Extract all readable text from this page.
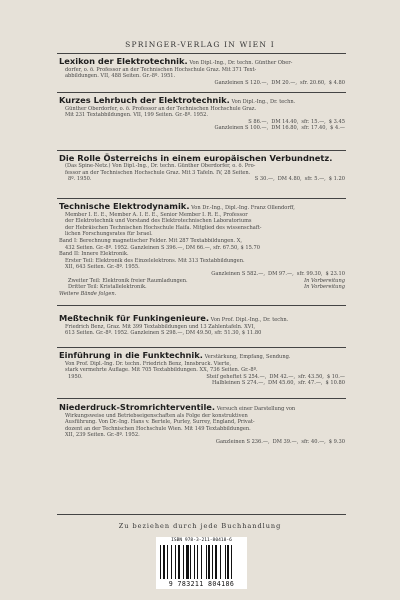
SPRINGER-VERLAG IN WIEN I
Lexikon der Elektrotechnik. Von Dipl.-Ing., Dr. techn. Günther Ober-
dorfer, o. ö. Professor an der Technischen Hochschule Graz. Mit 371 Text-
abbildungen. VII, 488 Seiten. Gr.-8º. 1951.
Ganzleinen S 120.—, DM 20.—, sfr. 20.60, $ 4.80
Kurzes Lehrbuch der Elektrotechnik. Von Dipl.-Ing., Dr. techn.
Günther Oberdorfer, o. ö. Professor an der Technischen Hochschule Graz.
Mit 231 Textabbildungen. VII, 199 Seiten. Gr.-8º. 1952.
S 86.—, DM 14.40, sfr. 15.—, $ 3.45
Ganzleinen S 100.—, DM 16.80, sfr. 17.40, $ 4.—
Die Rolle Österreichs in einem europäischen Verbundnetz.
(Das Spine-Netz.) Von Dipl.-Ing., Dr. techn. Günther Oberdorfer, o. ö. Pro-
fessor an der Technischen Hochschule Graz. Mit 3 Tafeln. IV, 28 Seiten.
8º. 1950.	S 30.—, DM 4.80, sfr. 5.—, $ 1.20
Technische Elektrodynamik. Von Dr.-Ing., Dipl.-Ing. Franz Ollendorff,
Member I. E. E., Member A. I. E. E., Senior Member I. R. E., Professor
der Elektrotechnik und Vorstand des Elektrotechnischen Laboratoriums
der Hebräischen Technischen Hochschule Haifa. Mitglied des wissenschaft-
lichen Forschungsrates für Israel.
Band I: Berechnung magnetischer Felder. Mit 287 Textabbildungen. X,
432 Seiten. Gr.-8º. 1952. Ganzleinen S 396.—, DM 66.—, sfr. 67.50, $ 15.70
Band II: Innere Elektronik.
Erster Teil: Elektronik des Einzelelektrons. Mit 313 Textabbildungen.
XII, 643 Seiten. Gr.-8º. 1955.
Ganzleinen S 582.—, DM 97.—, sfr. 99.30, $ 23.10
Zweiter Teil: Elektronik freier Raumladungen.	In Vorbereitung
Dritter Teil: Kristallelektronik.	In Vorbereitung
Weitere Bände folgen.
Meßtechnik für Funkingenieure. Von Prof. Dipl.-Ing., Dr. techn.
Friedrich Benz, Graz. Mit 399 Textabbildungen und 13 Zahlentafeln. XVI,
613 Seiten. Gr.-8º. 1952. Ganzleinen S 298.—, DM 49.50, sfr. 51.30, $ 11.80
Einführung in die Funktechnik. Verstärkung, Empfang, Sendung.
Von Prof. Dipl.-Ing. Dr. techn. Friedrich Benz, Innsbruck. Vierte,
stark vermehrte Auflage. Mit 705 Textabbildungen. XX, 736 Seiten. Gr.-8º.
1950.	Steif geheftet S 254.—, DM 42.—, sfr. 43.50, $ 10.—
Halbleinen S 274.—, DM 45.60, sfr. 47.—, $ 10.80
Niederdruck-Stromrichterventile. Versuch einer Darstellung von
Wirkungsweise und Betriebseigenschaften als Folge der konstruktiven
Ausführung. Von Dr.-Ing. Hans v. Bertele, Purley, Surrey, England, Privat-
dozent an der Technischen Hochschule Wien. Mit 149 Textabbildungen.
XII, 239 Seiten. Gr.-8º. 1952.
Ganzleinen S 236.—, DM 39.—, sfr. 40.—, $ 9.30
Zu beziehen durch jede Buchhandlung
ISBN 978-3-211-80418-6
9 783211 804186
